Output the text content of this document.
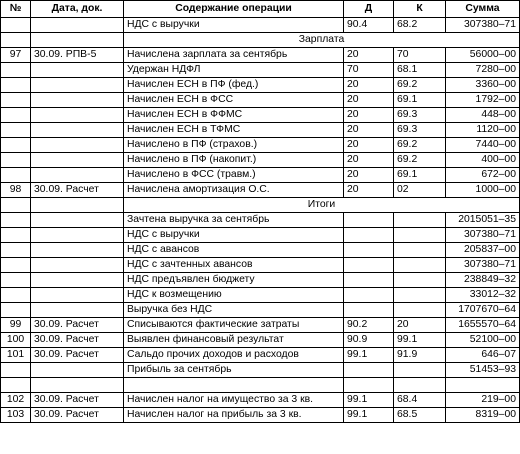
№	Дата, док.	Содержание операции	Д	К	Сумма
		НДС с выручки	90.4	68.2	307380–71
		Зарплата			
97	30.09. РПВ-5	Начислена зарплата за сентябрь	20	70	56000–00
		Удержан НДФЛ	70	68.1	7280–00
		Начислен ЕСН в ПФ (фед.)	20	69.2	3360–00
		Начислен ЕСН в ФСС	20	69.1	1792–00
		Начислен ЕСН в ФФМС	20	69.3	448–00
		Начислен ЕСН в ТФМС	20	69.3	1120–00
		Начислено в ПФ (страхов.)	20	69.2	7440–00
		Начислено в ПФ (накопит.)	20	69.2	400–00
		Начислено в ФСС (травм.)	20	69.1	672–00
98	30.09. Расчет	Начислена амортизация О.С.	20	02	1000–00
		Итоги			
		Зачтена выручка за сентябрь			2015051–35
		НДС с выручки			307380–71
		НДС с авансов			205837–00
		НДС с зачтенных авансов			307380–71
		НДС предъявлен бюджету			238849–32
		НДС к возмещению			33012–32
		Выручка без НДС			1707670–64
99	30.09. Расчет	Списываются фактические затраты	90.2	20	1655570–64
100	30.09. Расчет	Выявлен финансовый результат	90.9	99.1	52100–00
101	30.09. Расчет	Сальдо прочих доходов и расходов	99.1	91.9	646–07
		Прибыль за сентябрь			51453–93

102	30.09. Расчет	Начислен налог на имущество за 3 кв.	99.1	68.4	219–00
103	30.09. Расчет	Начислен налог на прибыль за 3 кв.	99.1	68.5	8319–00
